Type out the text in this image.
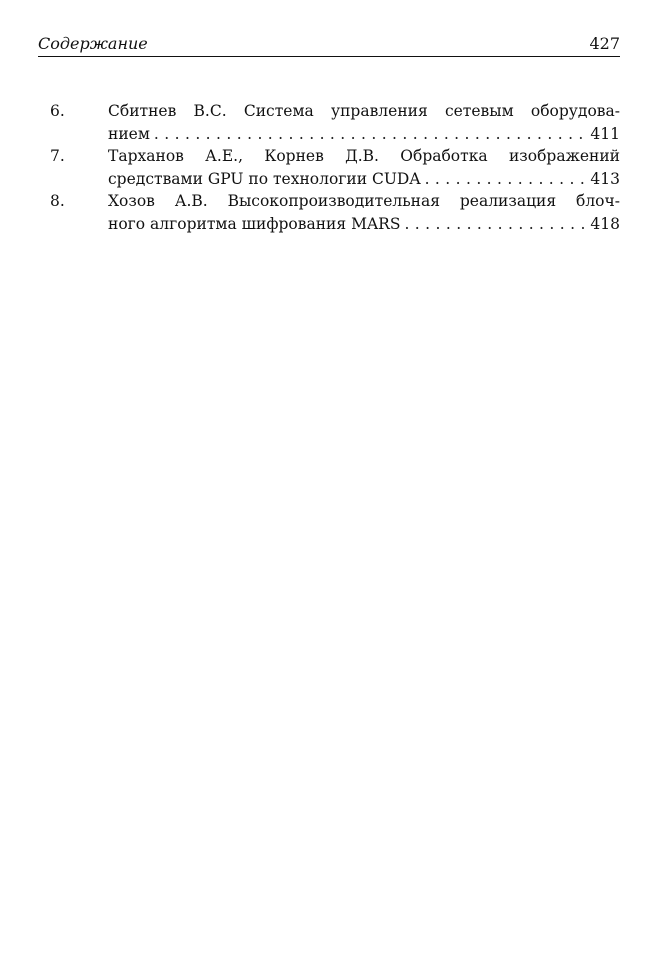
Содержание	427
6.	Сбитнев В.С. Система управления сетевым оборудова-
нием . . .	411
7.	Тарханов А.Е., Корнев Д.В. Обработка изображений
средствами GPU по технологии CUDA . . .	413
8.	Хозов А.В. Высокопроизводительная реализация блоч-
ного алгоритма шифрования MARS . . .	418
